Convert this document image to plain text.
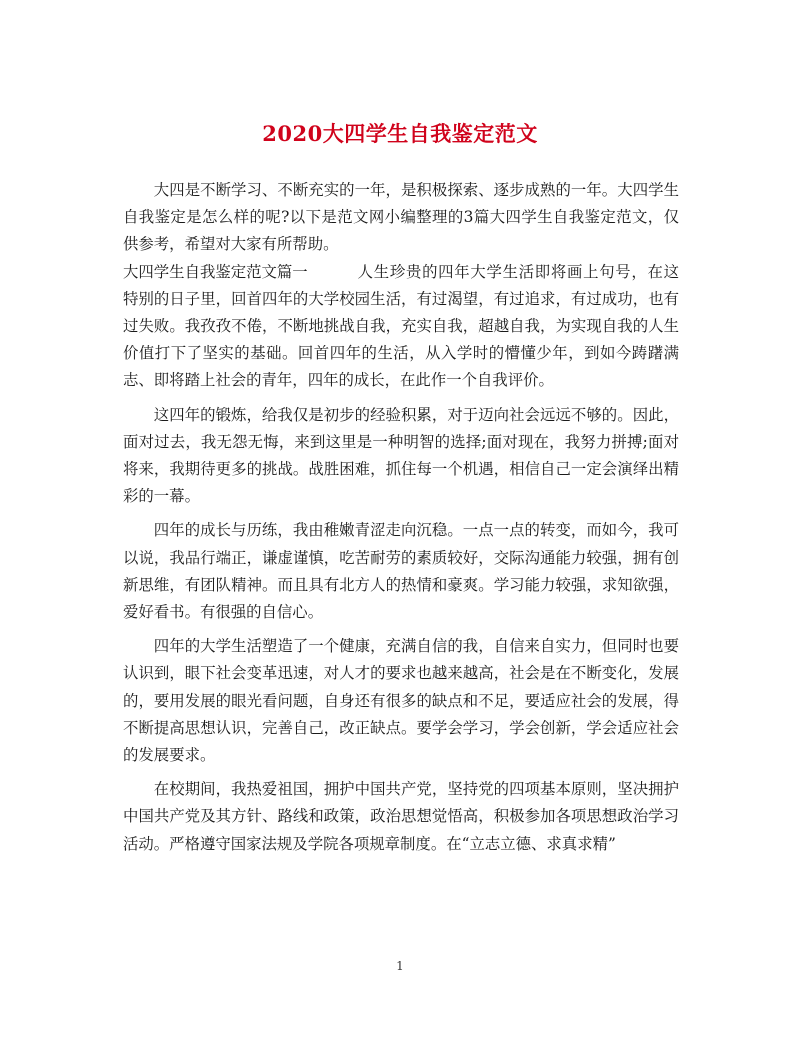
2020大四学生自我鉴定范文

大四是不断学习、不断充实的一年，是积极探索、逐步成熟的一年。大四学生自我鉴定是怎么样的呢?以下是范文网小编整理的3篇大四学生自我鉴定范文，仅供参考，希望对大家有所帮助。

大四学生自我鉴定范文篇一	人生珍贵的四年大学生活即将画上句号，在这特别的日子里，回首四年的大学校园生活，有过渴望，有过追求，有过成功，也有过失败。我孜孜不倦，不断地挑战自我，充实自我，超越自我，为实现自我的人生价值打下了坚实的基础。回首四年的生活，从入学时的懵懂少年，到如今踌躇满志、即将踏上社会的青年，四年的成长，在此作一个自我评价。

这四年的锻炼，给我仅是初步的经验积累，对于迈向社会远远不够的。因此，面对过去，我无怨无悔，来到这里是一种明智的选择;面对现在，我努力拼搏;面对将来，我期待更多的挑战。战胜困难，抓住每一个机遇，相信自己一定会演绎出精彩的一幕。

四年的成长与历练，我由稚嫩青涩走向沉稳。一点一点的转变，而如今，我可以说，我品行端正，谦虚谨慎，吃苦耐劳的素质较好，交际沟通能力较强，拥有创新思维，有团队精神。而且具有北方人的热情和豪爽。学习能力较强，求知欲强，爱好看书。有很强的自信心。

四年的大学生活塑造了一个健康，充满自信的我，自信来自实力，但同时也要认识到，眼下社会变革迅速，对人才的要求也越来越高，社会是在不断变化，发展的，要用发展的眼光看问题，自身还有很多的缺点和不足，要适应社会的发展，得不断提高思想认识，完善自己，改正缺点。要学会学习，学会创新，学会适应社会的发展要求。

在校期间，我热爱祖国，拥护中国共产党，坚持党的四项基本原则，坚决拥护中国共产党及其方针、路线和政策，政治思想觉悟高，积极参加各项思想政治学习活动。严格遵守国家法规及学院各项规章制度。在“立志立德、求真求精”

1
